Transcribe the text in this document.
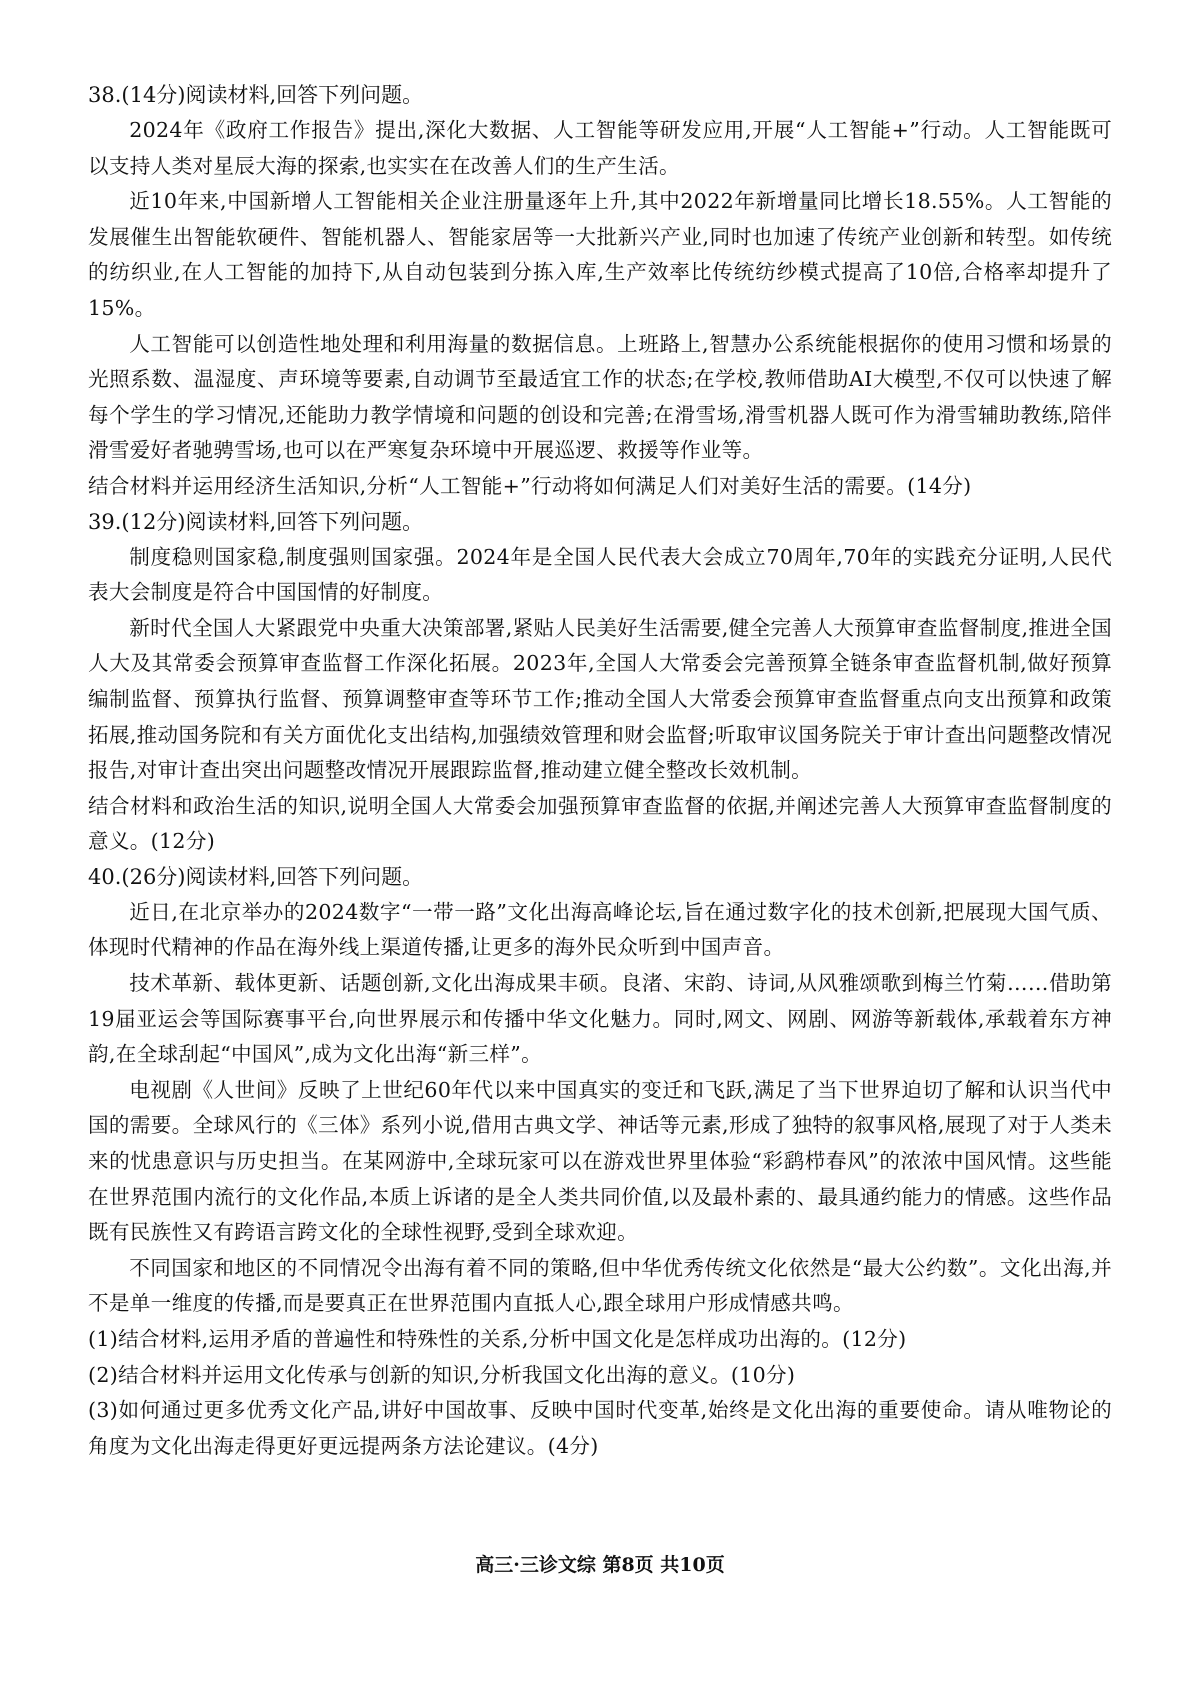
38.(14分)阅读材料,回答下列问题。

2024年《政府工作报告》提出,深化大数据、人工智能等研发应用,开展“人工智能+”行动。人工智能既可以支持人类对星辰大海的探索,也实实在在改善人们的生产生活。

近10年来,中国新增人工智能相关企业注册量逐年上升,其中2022年新增量同比增长18.55%。人工智能的发展催生出智能软硬件、智能机器人、智能家居等一大批新兴产业,同时也加速了传统产业创新和转型。如传统的纺织业,在人工智能的加持下,从自动包装到分拣入库,生产效率比传统纺纱模式提高了10倍,合格率却提升了15%。

人工智能可以创造性地处理和利用海量的数据信息。上班路上,智慧办公系统能根据你的使用习惯和场景的光照系数、温湿度、声环境等要素,自动调节至最适宜工作的状态;在学校,教师借助AI大模型,不仅可以快速了解每个学生的学习情况,还能助力教学情境和问题的创设和完善;在滑雪场,滑雪机器人既可作为滑雪辅助教练,陪伴滑雪爱好者驰骋雪场,也可以在严寒复杂环境中开展巡逻、救援等作业等。

结合材料并运用经济生活知识,分析“人工智能+”行动将如何满足人们对美好生活的需要。(14分)

39.(12分)阅读材料,回答下列问题。

制度稳则国家稳,制度强则国家强。2024年是全国人民代表大会成立70周年,70年的实践充分证明,人民代表大会制度是符合中国国情的好制度。

新时代全国人大紧跟党中央重大决策部署,紧贴人民美好生活需要,健全完善人大预算审查监督制度,推进全国人大及其常委会预算审查监督工作深化拓展。2023年,全国人大常委会完善预算全链条审查监督机制,做好预算编制监督、预算执行监督、预算调整审查等环节工作;推动全国人大常委会预算审查监督重点向支出预算和政策拓展,推动国务院和有关方面优化支出结构,加强绩效管理和财会监督;听取审议国务院关于审计查出问题整改情况报告,对审计查出突出问题整改情况开展跟踪监督,推动建立健全整改长效机制。

结合材料和政治生活的知识,说明全国人大常委会加强预算审查监督的依据,并阐述完善人大预算审查监督制度的意义。(12分)

40.(26分)阅读材料,回答下列问题。

近日,在北京举办的2024数字“一带一路”文化出海高峰论坛,旨在通过数字化的技术创新,把展现大国气质、体现时代精神的作品在海外线上渠道传播,让更多的海外民众听到中国声音。

技术革新、载体更新、话题创新,文化出海成果丰硕。良渚、宋韵、诗词,从风雅颂歌到梅兰竹菊……借助第19届亚运会等国际赛事平台,向世界展示和传播中华文化魅力。同时,网文、网剧、网游等新载体,承载着东方神韵,在全球刮起“中国风”,成为文化出海“新三样”。

电视剧《人世间》反映了上世纪60年代以来中国真实的变迁和飞跃,满足了当下世界迫切了解和认识当代中国的需要。全球风行的《三体》系列小说,借用古典文学、神话等元素,形成了独特的叙事风格,展现了对于人类未来的忧患意识与历史担当。在某网游中,全球玩家可以在游戏世界里体验“彩鹞栉春风”的浓浓中国风情。这些能在世界范围内流行的文化作品,本质上诉诸的是全人类共同价值,以及最朴素的、最具通约能力的情感。这些作品既有民族性又有跨语言跨文化的全球性视野,受到全球欢迎。

不同国家和地区的不同情况令出海有着不同的策略,但中华优秀传统文化依然是“最大公约数”。文化出海,并不是单一维度的传播,而是要真正在世界范围内直抵人心,跟全球用户形成情感共鸣。

(1)结合材料,运用矛盾的普遍性和特殊性的关系,分析中国文化是怎样成功出海的。(12分)

(2)结合材料并运用文化传承与创新的知识,分析我国文化出海的意义。(10分)

(3)如何通过更多优秀文化产品,讲好中国故事、反映中国时代变革,始终是文化出海的重要使命。请从唯物论的角度为文化出海走得更好更远提两条方法论建议。(4分)

高三·三诊文综 第8页 共10页
